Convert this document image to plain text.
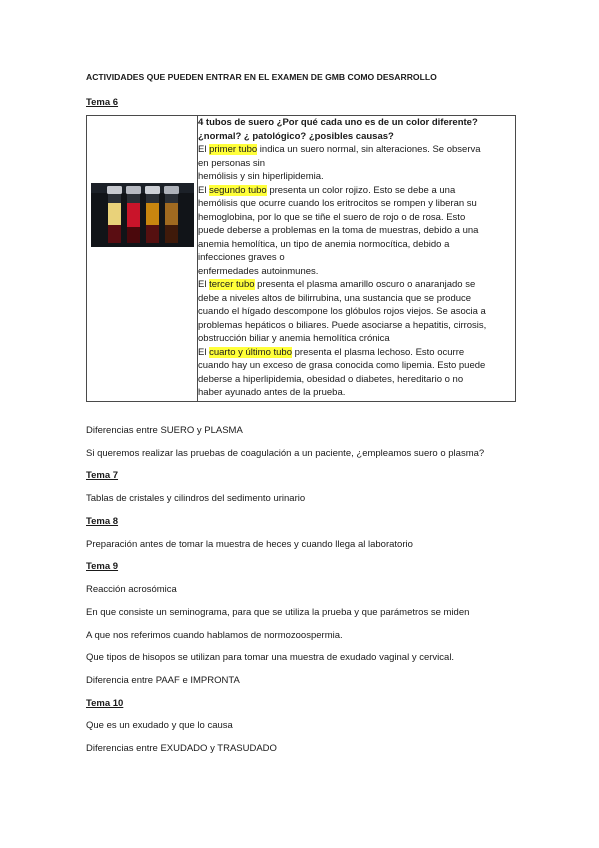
ACTIVIDADES QUE PUEDEN ENTRAR EN EL EXAMEN DE GMB COMO DESARROLLO
Tema 6

4 tubos de suero ¿Por qué cada uno es de un color diferente?
¿normal? ¿ patológico? ¿posibles causas?
El primer tubo indica un suero normal, sin alteraciones. Se observa
en personas sin
hemólisis y sin hiperlipidemia.
El segundo tubo presenta un color rojizo. Esto se debe a una
hemólisis que ocurre cuando los eritrocitos se rompen y liberan su
hemoglobina, por lo que se tiñe el suero de rojo o de rosa. Esto
puede deberse a problemas en la toma de muestras, debido a una
anemia hemolítica, un tipo de anemia normocítica, debido a
infecciones graves o
enfermedades autoinmunes.
El tercer tubo presenta el plasma amarillo oscuro o anaranjado se
debe a niveles altos de bilirrubina, una sustancia que se produce
cuando el hígado descompone los glóbulos rojos viejos. Se asocia a
problemas hepáticos o biliares. Puede asociarse a hepatitis, cirrosis,
obstrucción biliar y anemia hemolítica crónica
El cuarto y último tubo presenta el plasma lechoso. Esto ocurre
cuando hay un exceso de grasa conocida como lipemia. Esto puede
deberse a hiperlipidemia, obesidad o diabetes, hereditario o no
haber ayunado antes de la prueba.
Diferencias entre SUERO y PLASMA
Si queremos realizar las pruebas de coagulación a un paciente, ¿empleamos suero o plasma?
Tema 7
Tablas de cristales y cilindros del sedimento urinario
Tema 8
Preparación antes de tomar la muestra de heces y cuando llega al laboratorio
Tema 9
Reacción acrosómica
En que consiste un seminograma, para que se utiliza la prueba y que parámetros se miden
A que nos referimos cuando hablamos de normozoospermia.
Que tipos de hisopos se utilizan para tomar una muestra de exudado vaginal y cervical.
Diferencia entre PAAF e IMPRONTA
Tema 10
Que es un exudado y que lo causa
Diferencias entre EXUDADO y TRASUDADO
